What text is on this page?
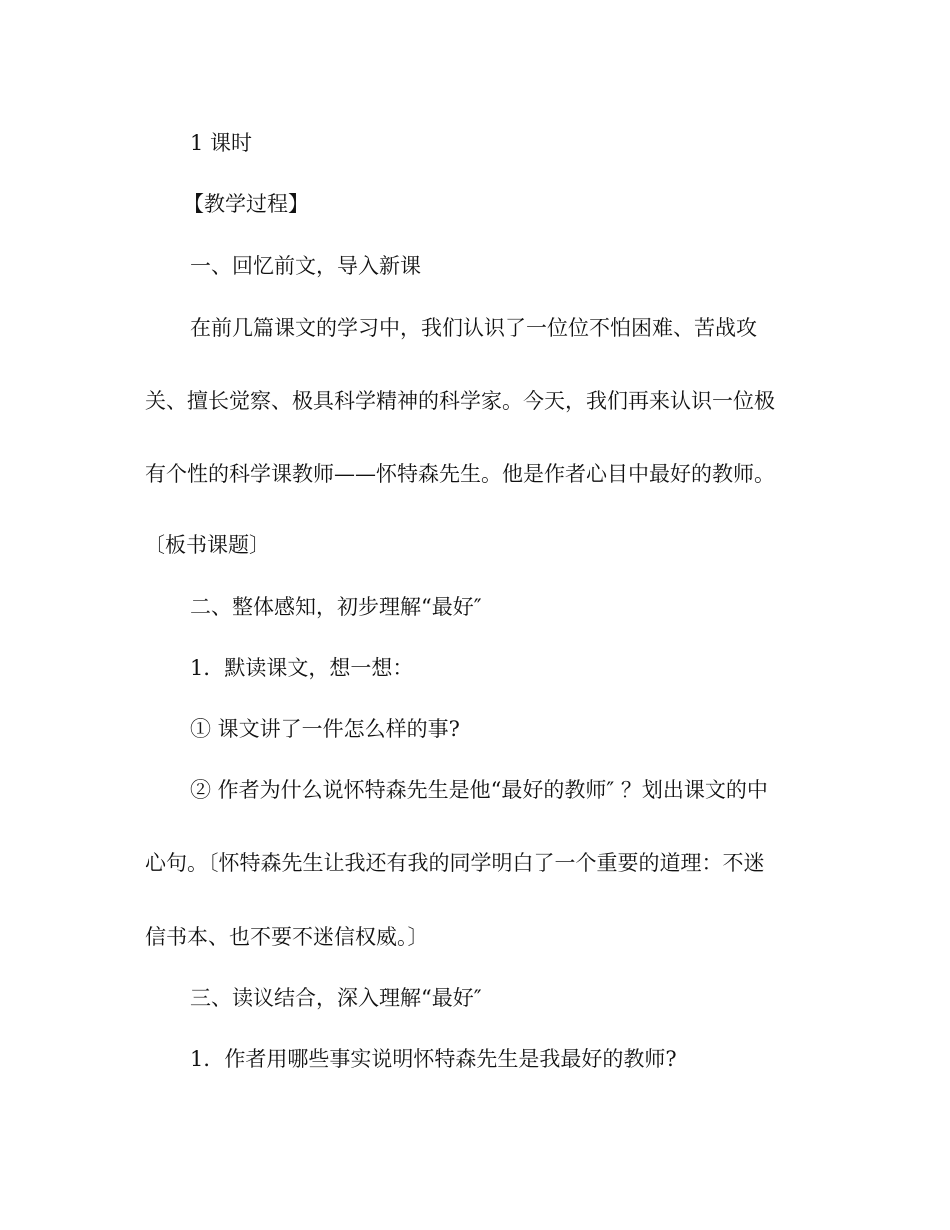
1 课时
【教学过程】
一、回忆前文，导入新课
在前几篇课文的学习中，我们认识了一位位不怕困难、苦战攻
关、擅长觉察、极具科学精神的科学家。今天，我们再来认识一位极
有个性的科学课教师——怀特森先生。他是作者心目中最好的教师。
〔板书课题〕
二、整体感知，初步理解“最好″
1．默读课文，想一想：
① 课文讲了一件怎么样的事?
② 作者为什么说怀特森先生是他“最好的教师″ ？划出课文的中
心句。〔怀特森先生让我还有我的同学明白了一个重要的道理：不迷
信书本、也不要不迷信权威。〕
三、读议结合，深入理解“最好″
1．作者用哪些事实说明怀特森先生是我最好的教师?
